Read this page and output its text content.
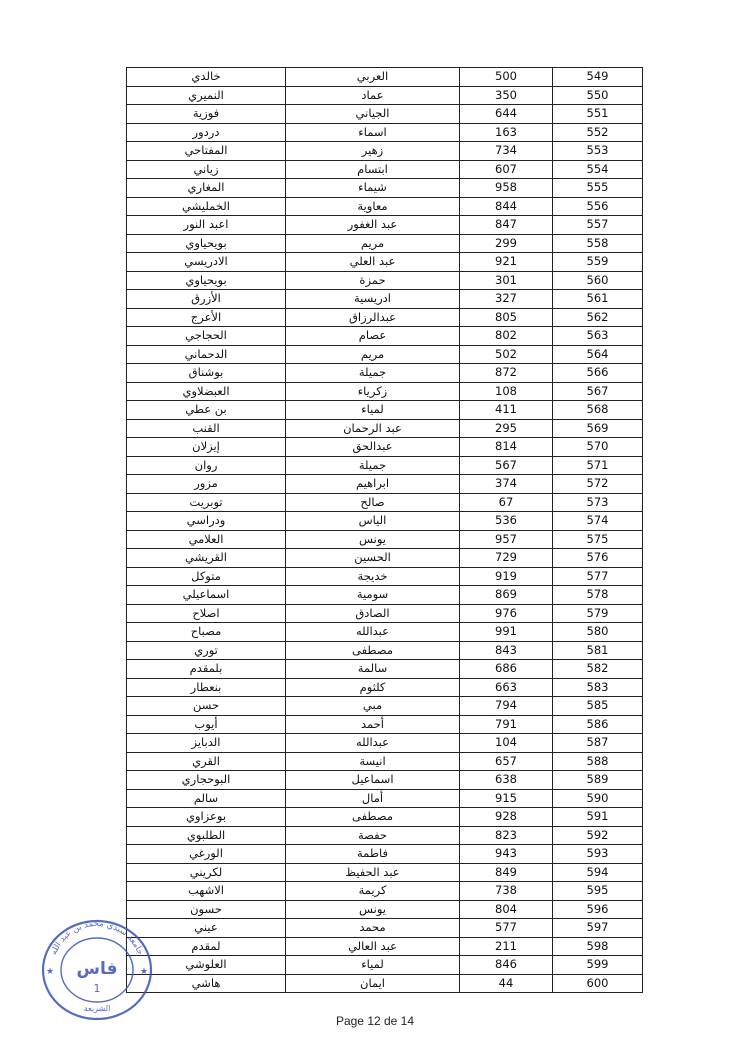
خالدي	العربي	500	549
النميري	عماد	350	550
فوزية	الجياني	644	551
دردور	اسماء	163	552
المفتاحي	زهير	734	553
زياني	ابتسام	607	554
المغاري	شيماء	958	555
الخمليشي	معاوية	844	556
اعبد النور	عبد الغفور	847	557
بويحياوي	مريم	299	558
الادريسي	عبد العلي	921	559
بويحياوي	حمزة	301	560
الأزرق	ادريسية	327	561
الأعرج	عبدالرزاق	805	562
الحجاجي	عصام	802	563
الدحماني	مريم	502	564
بوشناق	جميلة	872	566
العبضلاوي	زكرياء	108	567
بن عطي	لمياء	411	568
القنب	عبد الرحمان	295	569
إيزلان	عبدالحق	814	570
روان	جميلة	567	571
مزور	ابراهيم	374	572
توبريت	صالح	67	573
ودراسي	الياس	536	574
العلامي	يونس	957	575
القريشي	الحسين	729	576
متوكل	خديجة	919	577
اسماعيلي	سومية	869	578
اصلاح	الصادق	976	579
مصباح	عبدالله	991	580
توري	مصطفى	843	581
بلمقدم	سالمة	686	582
بنعطار	كلثوم	663	583
حسن	مبي	794	585
أيوب	أحمد	791	586
الدبايز	عبدالله	104	587
القري	انيسة	657	588
البوحجاري	اسماعيل	638	589
سالم	أمال	915	590
بوعزاوي	مصطفى	928	591
الطلبوي	حفصة	823	592
الورغي	فاطمة	943	593
لكريني	عبد الحفيظ	849	594
الاشهب	كريمة	738	595
حسون	يونس	804	596
عيني	محمد	577	597
لمقدم	عبد العالي	211	598
العلوشي	لمياء	846	599
هاشي	ايمان	44	600
Page 12 de 14
جامعة سيدي محمد بن عبد الله
فاس
1
الشريعة
★	★
